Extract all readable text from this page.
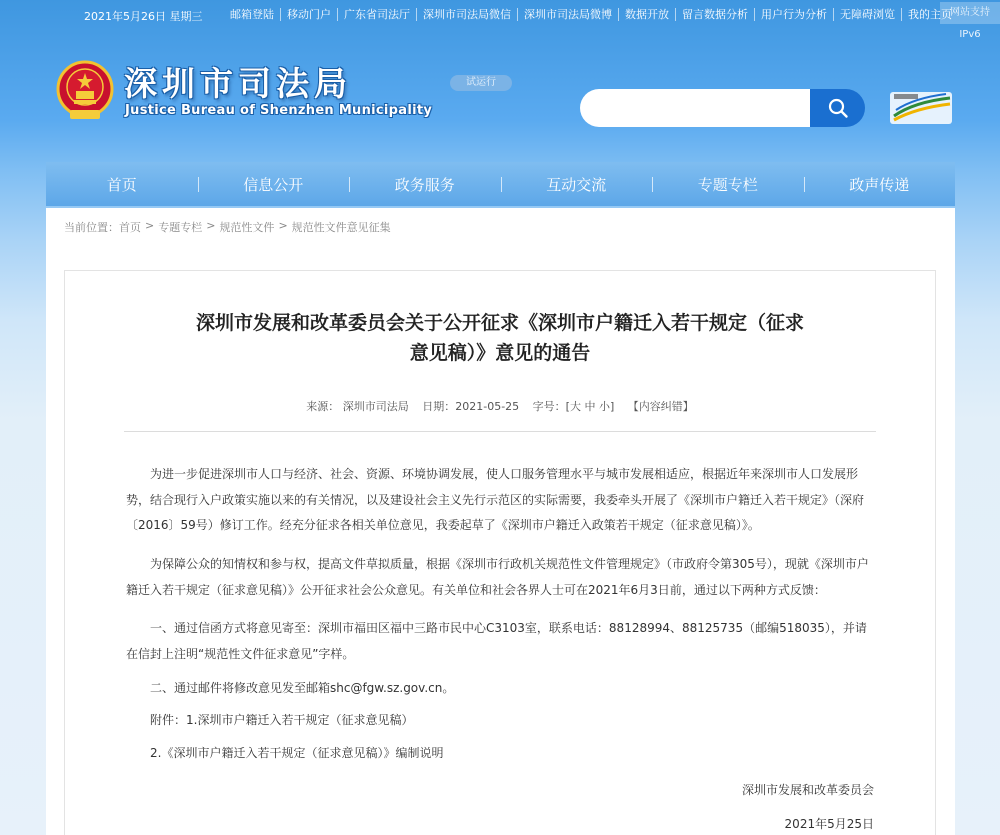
2021年5月26日 星期三	邮箱登陆	移动门户	广东省司法厅	深圳市司法局微信	深圳市司法局微博	数据开放	留言数据分析	用户行为分析	无障碍浏览	我的主页
网站支持IPv6
深圳市司法局
Justice Bureau of Shenzhen Municipality
试运行
首页	信息公开	政务服务	互动交流	专题专栏	政声传递
当前位置：首页 > 专题专栏 > 规范性文件 > 规范性文件意见征集
深圳市发展和改革委员会关于公开征求《深圳市户籍迁入若干规定（征求
意见稿）》意见的通告
来源： 深圳市司法局 日期：2021-05-25 字号：[大 中 小] 【内容纠错】

为进一步促进深圳市人口与经济、社会、资源、环境协调发展，使人口服务管理水平与城市发展相适应，根据近年来深圳市人口发展形势，结合现行入户政策实施以来的有关情况，以及建设社会主义先行示范区的实际需要，我委牵头开展了《深圳市户籍迁入若干规定》（深府〔2016〕59号）修订工作。经充分征求各相关单位意见，我委起草了《深圳市户籍迁入政策若干规定（征求意见稿）》。

为保障公众的知情权和参与权，提高文件草拟质量，根据《深圳市行政机关规范性文件管理规定》（市政府令第305号），现就《深圳市户籍迁入若干规定（征求意见稿）》公开征求社会公众意见。有关单位和社会各界人士可在2021年6月3日前，通过以下两种方式反馈：

一、通过信函方式将意见寄至：深圳市福田区福中三路市民中心C3103室，联系电话：88128994、88125735（邮编518035），并请在信封上注明“规范性文件征求意见”字样。

二、通过邮件将修改意见发至邮箱shc@fgw.sz.gov.cn。

附件：1.深圳市户籍迁入若干规定（征求意见稿）

2.《深圳市户籍迁入若干规定（征求意见稿）》编制说明

深圳市发展和改革委员会
2021年5月25日
